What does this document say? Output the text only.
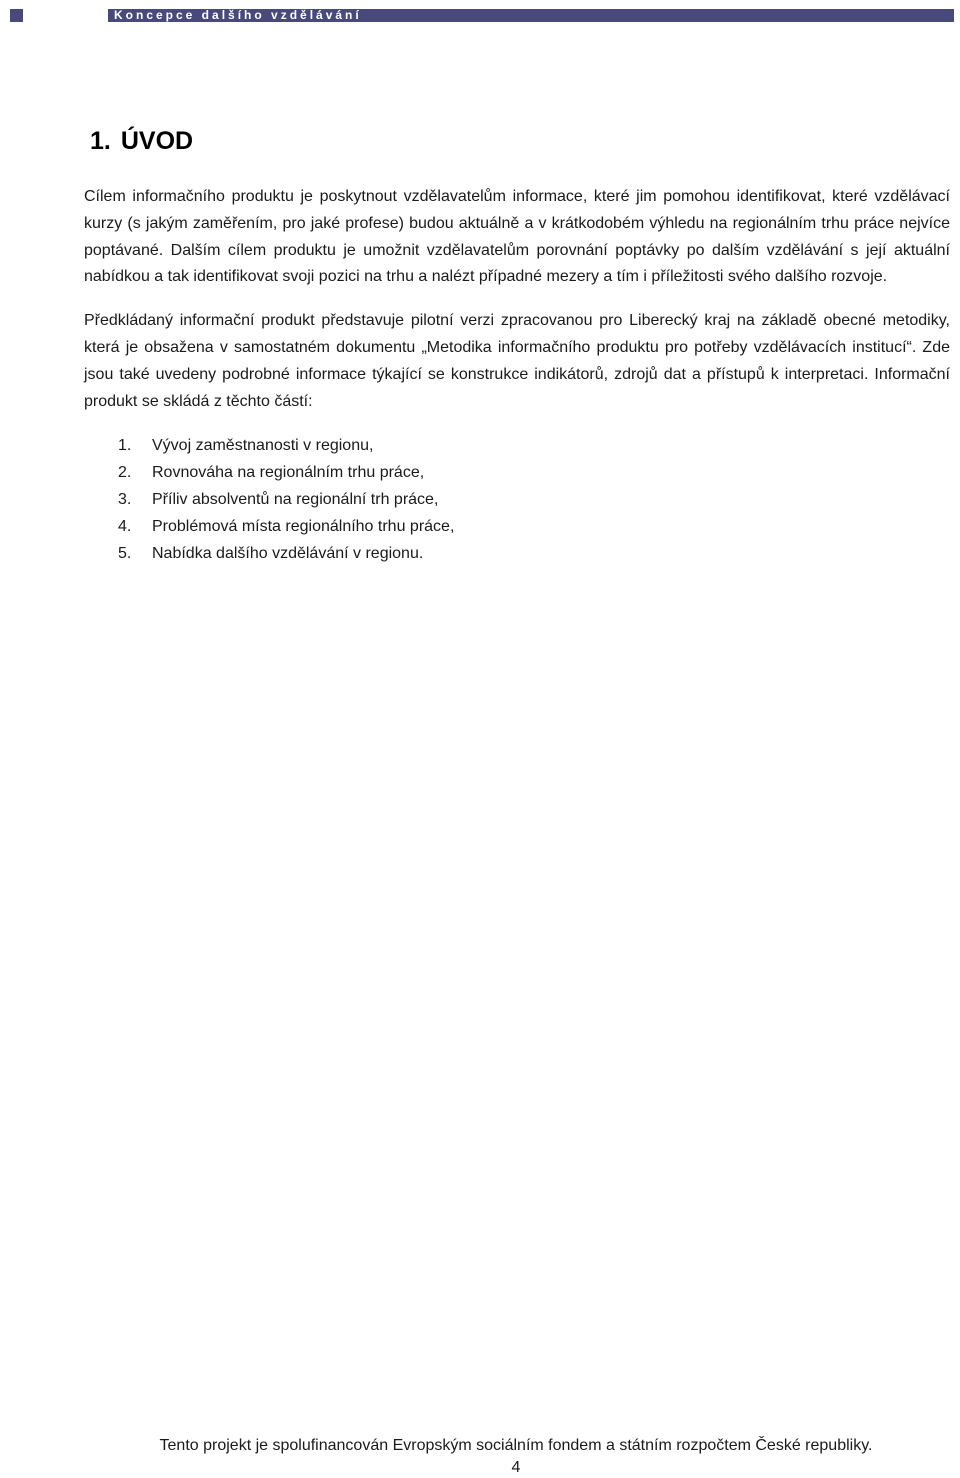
Koncepce dalšího vzdělávání
1. ÚVOD

Cílem informačního produktu je poskytnout vzdělavatelům informace, které jim pomohou identifikovat, které vzdělávací kurzy (s jakým zaměřením, pro jaké profese) budou aktuálně a v krátkodobém výhledu na regionálním trhu práce nejvíce poptávané. Dalším cílem produktu je umožnit vzdělavatelům porovnání poptávky po dalším vzdělávání s její aktuální nabídkou a tak identifikovat svoji pozici na trhu a nalézt případné mezery a tím i příležitosti svého dalšího rozvoje.

Předkládaný informační produkt představuje pilotní verzi zpracovanou pro Liberecký kraj na základě obecné metodiky, která je obsažena v samostatném dokumentu „Metodika informačního produktu pro potřeby vzdělávacích institucí“. Zde jsou také uvedeny podrobné informace týkající se konstrukce indikátorů, zdrojů dat a přístupů k interpretaci. Informační produkt se skládá z těchto částí:

1.	Vývoj zaměstnanosti v regionu,
2.	Rovnováha na regionálním trhu práce,
3.	Příliv absolventů na regionální trh práce,
4.	Problémová místa regionálního trhu práce,
5.	Nabídka dalšího vzdělávání v regionu.
Tento projekt je spolufinancován Evropským sociálním fondem a státním rozpočtem České republiky.
4
